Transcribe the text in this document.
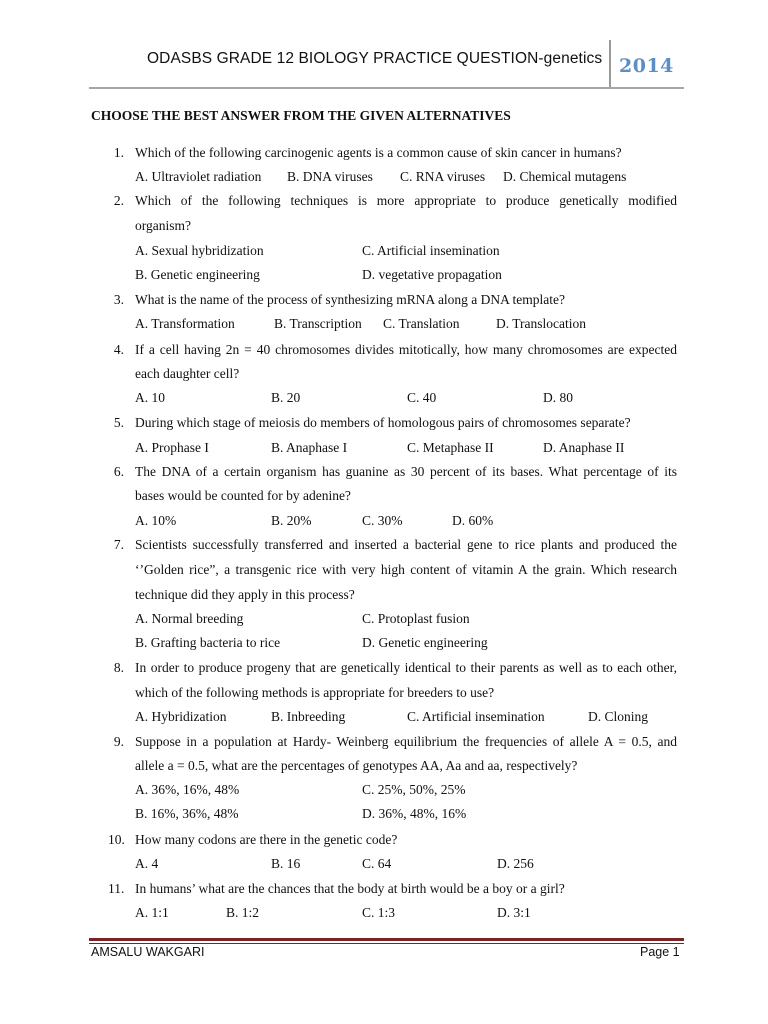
ODASBS GRADE 12 BIOLOGY PRACTICE QUESTION-genetics 2014
CHOOSE THE BEST ANSWER FROM THE GIVEN ALTERNATIVES
1. Which of the following carcinogenic agents is a common cause of skin cancer in humans?
A. Ultraviolet radiation B. DNA viruses C. RNA viruses D. Chemical mutagens
2. Which of the following techniques is more appropriate to produce genetically modified
organism?
A. Sexual hybridization	C. Artificial insemination
B. Genetic engineering	D. vegetative propagation
3. What is the name of the process of synthesizing mRNA along a DNA template?
A. Transformation	B. Transcription C. Translation	D. Translocation
4. If a cell having 2n = 40 chromosomes divides mitotically, how many chromosomes are expected
each daughter cell?
A. 10	B. 20	C. 40	D. 80
5. During which stage of meiosis do members of homologous pairs of chromosomes separate?
A. Prophase I	B. Anaphase I	C. Metaphase II	D. Anaphase II
6. The DNA of a certain organism has guanine as 30 percent of its bases. What percentage of its
bases would be counted for by adenine?
A. 10%	B. 20%	C. 30%	D. 60%
7. Scientists successfully transferred and inserted a bacterial gene to rice plants and produced the
‘’Golden rice”, a transgenic rice with very high content of vitamin A the grain. Which research
technique did they apply in this process?
A. Normal breeding	C. Protoplast fusion
B. Grafting bacteria to rice	D. Genetic engineering
8. In order to produce progeny that are genetically identical to their parents as well as to each other,
which of the following methods is appropriate for breeders to use?
A. Hybridization	B. Inbreeding	C. Artificial insemination	D. Cloning
9. Suppose in a population at Hardy- Weinberg equilibrium the frequencies of allele A = 0.5, and
allele a = 0.5, what are the percentages of genotypes AA, Aa and aa, respectively?
A. 36%, 16%, 48%	C. 25%, 50%, 25%
B. 16%, 36%, 48%	D. 36%, 48%, 16%
10. How many codons are there in the genetic code?
A. 4	B. 16	C. 64	D. 256
11. In humans’ what are the chances that the body at birth would be a boy or a girl?
A. 1:1	B. 1:2	C. 1:3	D. 3:1
AMSALU WAKGARI	Page 1
